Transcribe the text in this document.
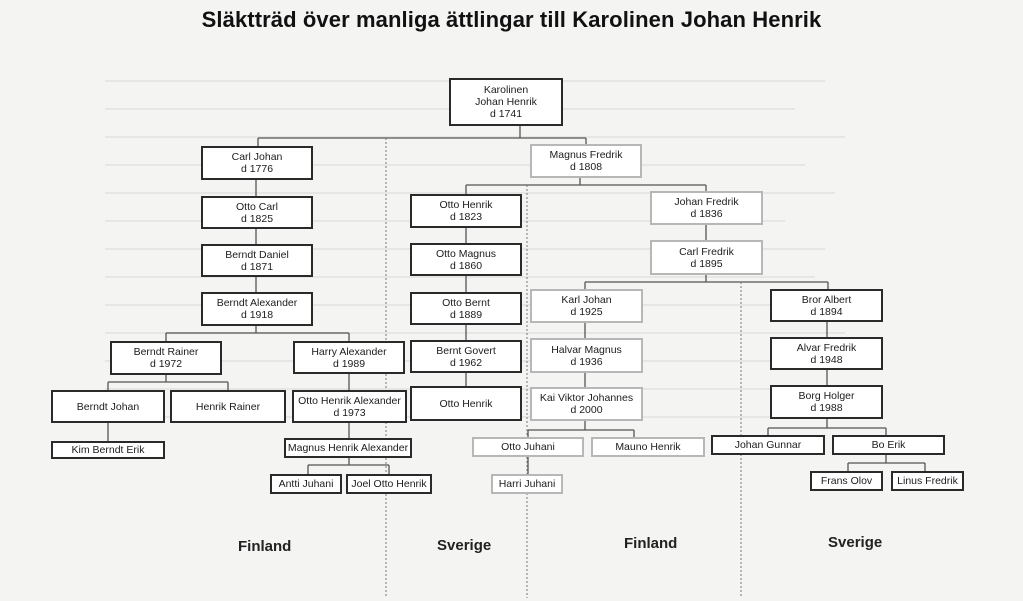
Släktträd över manliga ättlingar till Karolinen Johan Henrik
Karolinen
Johan Henrik
d 1741
Carl Johan
d 1776
Otto Carl
d 1825
Berndt Daniel
d 1871
Berndt Alexander
d 1918
Berndt Rainer
d 1972
Harry Alexander
d 1989
Berndt Johan	Henrik Rainer	Otto Henrik Alexander
d 1973
Kim Berndt Erik	Magnus Henrik Alexander
Antti Juhani Joel Otto Henrik
Magnus Fredrik
d 1808
Otto Henrik
d 1823
Otto Magnus
d 1860
Otto Bernt
d 1889
Bernt Govert
d 1962
Otto Henrik
Johan Fredrik
d 1836
Carl Fredrik
d 1895
Karl Johan
d 1925
Halvar Magnus
d 1936
Kai Viktor Johannes
d 2000
Otto Juhani	Mauno Henrik
Harri Juhani
Bror Albert
d 1894
Alvar Fredrik
d 1948
Borg Holger
d 1988
Johan Gunnar	Bo Erik
Frans Olov Linus Fredrik
Finland	Sverige	Finland	Sverige
